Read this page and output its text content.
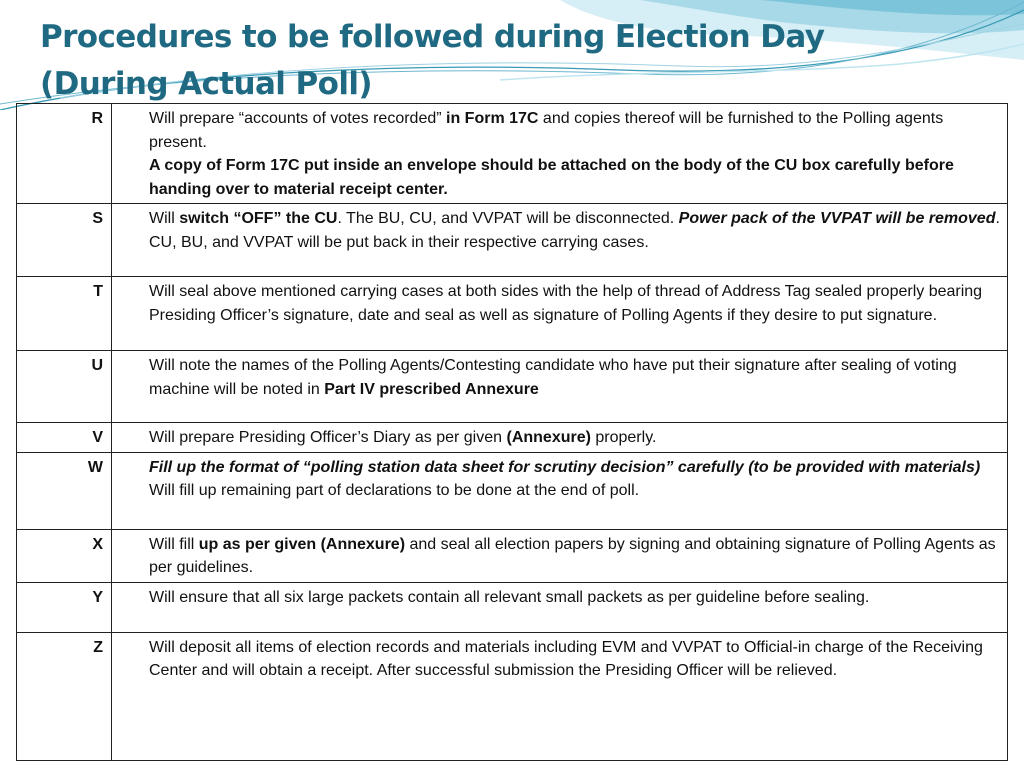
Procedures to be followed during Election Day
(During Actual Poll)
R	Will prepare “accounts of votes recorded” in Form 17C and copies thereof will be furnished to the Polling agents present.
A copy of Form 17C put inside an envelope should be attached on the body of the CU box carefully before handing over to material receipt center.
S	Will switch “OFF” the CU. The BU, CU, and VVPAT will be disconnected. Power pack of the VVPAT will be removed. CU, BU, and VVPAT will be put back in their respective carrying cases.
T	Will seal above mentioned carrying cases at both sides with the help of thread of Address Tag sealed properly bearing Presiding Officer’s signature, date and seal as well as signature of Polling Agents if they desire to put signature.
U	Will note the names of the Polling Agents/Contesting candidate who have put their signature after sealing of voting machine will be noted in Part IV prescribed Annexure
V	Will prepare Presiding Officer’s Diary as per given (Annexure) properly.
W	Fill up the format of “polling station data sheet for scrutiny decision” carefully (to be provided with materials)
Will fill up remaining part of declarations to be done at the end of poll.
X	Will fill up as per given (Annexure) and seal all election papers by signing and obtaining signature of Polling Agents as per guidelines.
Y	Will ensure that all six large packets contain all relevant small packets as per guideline before sealing.
Z	Will deposit all items of election records and materials including EVM and VVPAT to Official-in charge of the Receiving Center and will obtain a receipt. After successful submission the Presiding Officer will be relieved.
